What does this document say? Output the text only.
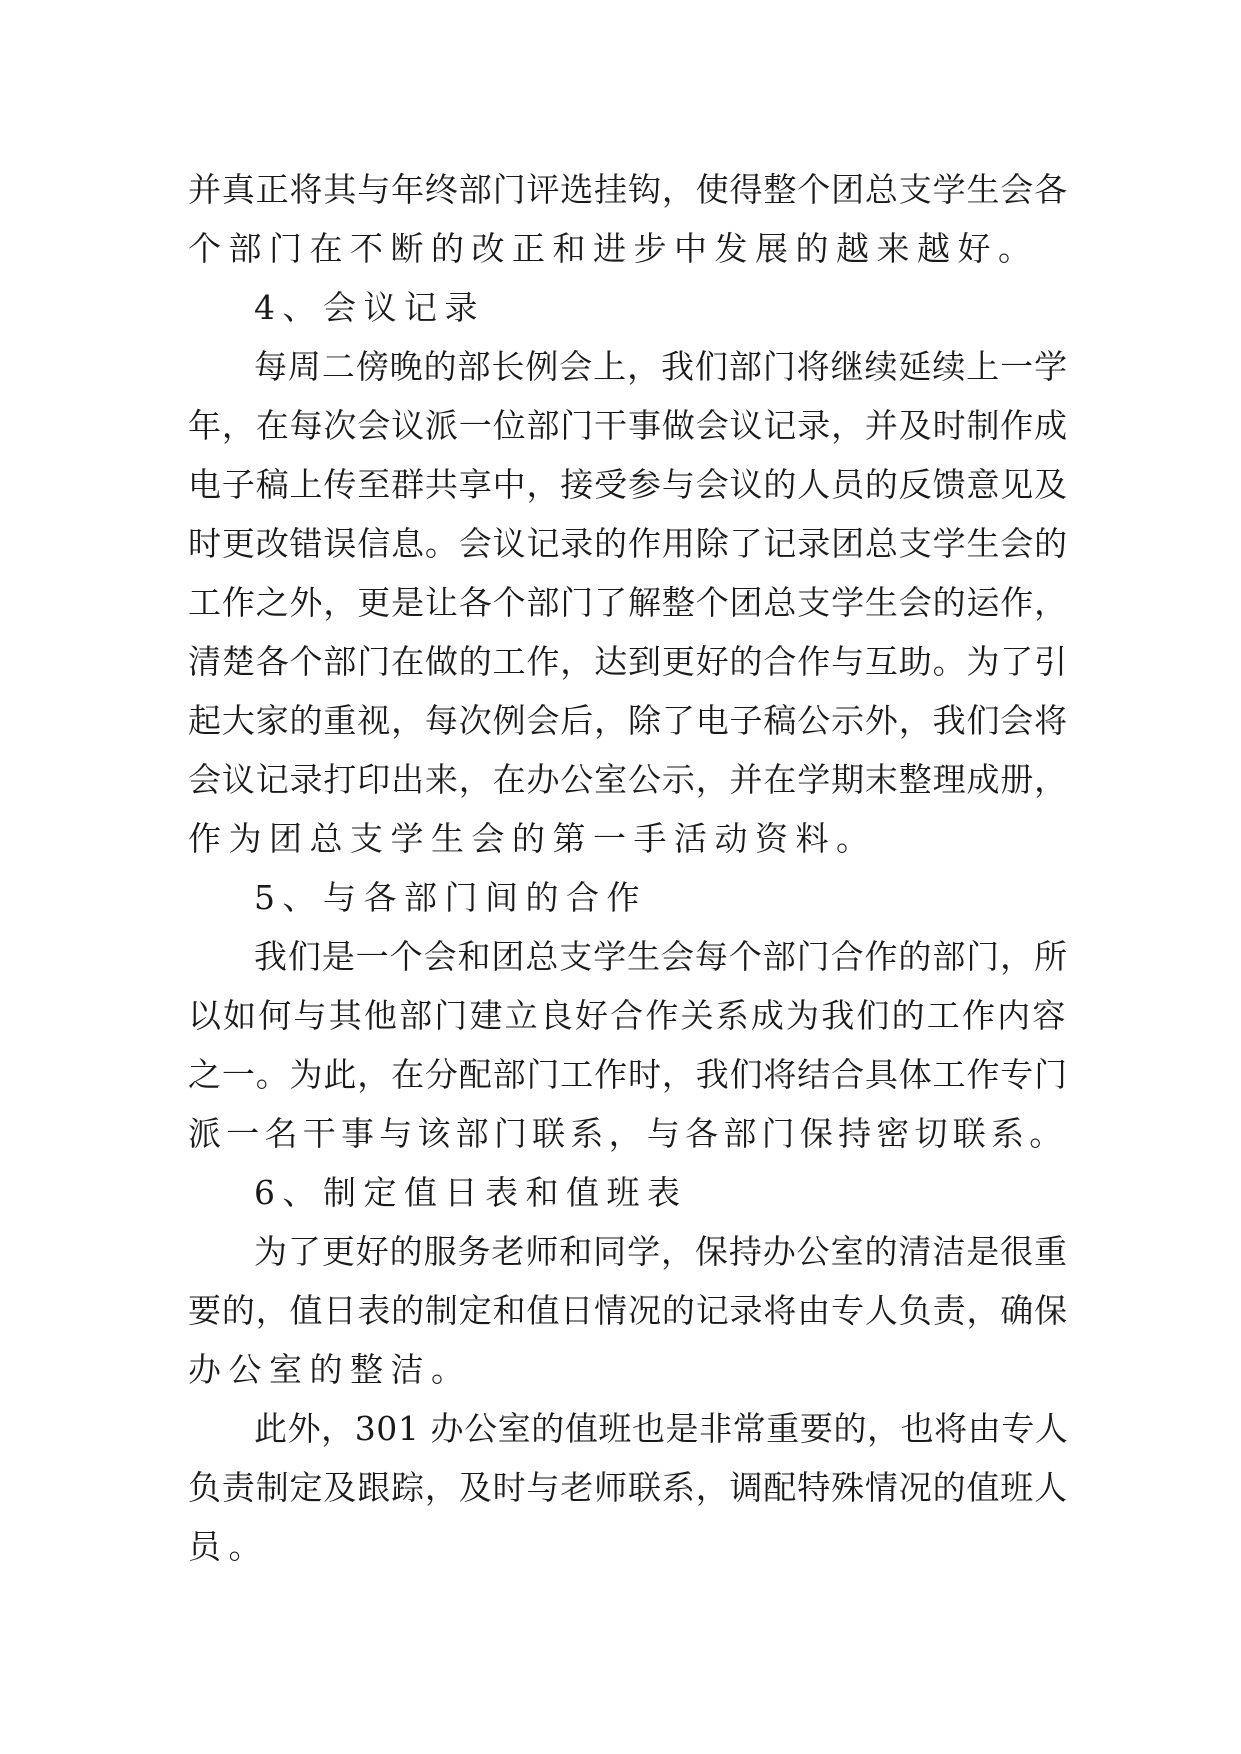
并真正将其与年终部门评选挂钩，使得整个团总支学生会各
个部门在不断的改正和进步中发展的越来越好。
4、会议记录
每周二傍晚的部长例会上，我们部门将继续延续上一学
年，在每次会议派一位部门干事做会议记录，并及时制作成
电子稿上传至群共享中，接受参与会议的人员的反馈意见及
时更改错误信息。会议记录的作用除了记录团总支学生会的
工作之外，更是让各个部门了解整个团总支学生会的运作，
清楚各个部门在做的工作，达到更好的合作与互助。为了引
起大家的重视，每次例会后，除了电子稿公示外，我们会将
会议记录打印出来，在办公室公示，并在学期末整理成册，
作为团总支学生会的第一手活动资料。
5、与各部门间的合作
我们是一个会和团总支学生会每个部门合作的部门，所
以如何与其他部门建立良好合作关系成为我们的工作内容
之一。为此，在分配部门工作时，我们将结合具体工作专门
派一名干事与该部门联系，与各部门保持密切联系。
6、制定值日表和值班表
为了更好的服务老师和同学，保持办公室的清洁是很重
要的，值日表的制定和值日情况的记录将由专人负责，确保
办公室的整洁。
此外，301 办公室的值班也是非常重要的，也将由专人
负责制定及跟踪，及时与老师联系，调配特殊情况的值班人
员。
